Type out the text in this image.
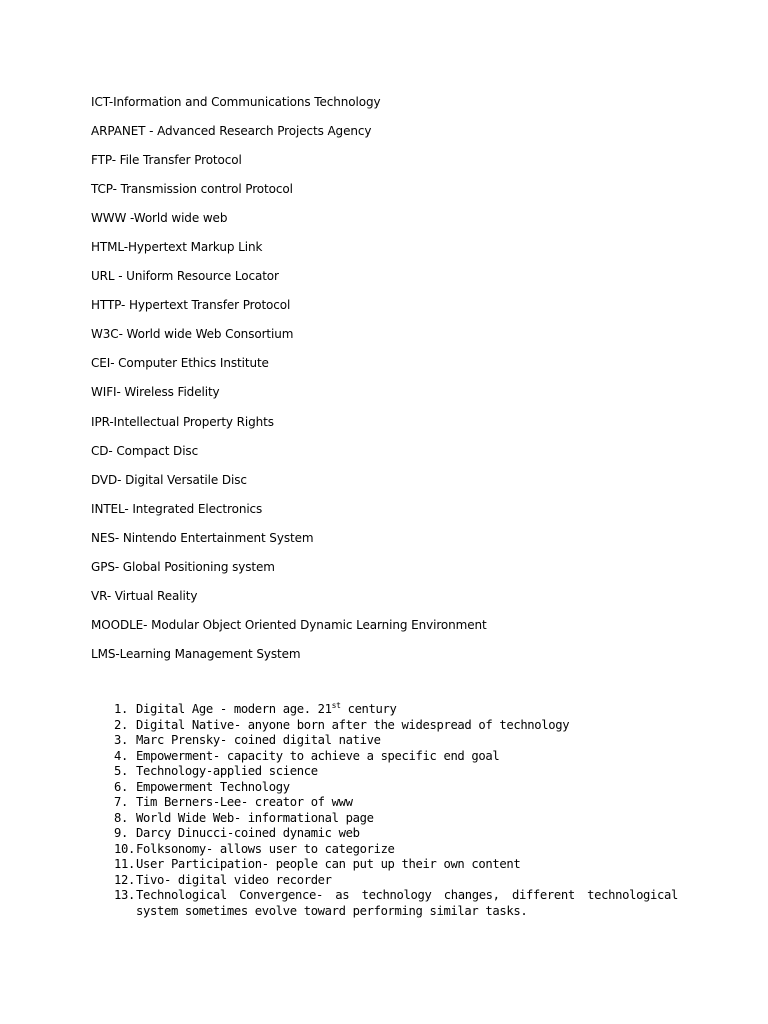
ICT-Information and Communications Technology
ARPANET - Advanced Research Projects Agency
FTP- File Transfer Protocol
TCP- Transmission control Protocol
WWW -World wide web
HTML-Hypertext Markup Link
URL - Uniform Resource Locator
HTTP- Hypertext Transfer Protocol
W3C- World wide Web Consortium
CEI- Computer Ethics Institute
WIFI- Wireless Fidelity
IPR-Intellectual Property Rights
CD- Compact Disc
DVD- Digital Versatile Disc
INTEL- Integrated Electronics
NES- Nintendo Entertainment System
GPS- Global Positioning system
VR- Virtual Reality
MOODLE- Modular Object Oriented Dynamic Learning Environment
LMS-Learning Management System
1. Digital Age - modern age. 21st century
2. Digital Native- anyone born after the widespread of technology
3. Marc Prensky- coined digital native
4. Empowerment- capacity to achieve a specific end goal
5. Technology-applied science
6. Empowerment Technology
7. Tim Berners-Lee- creator of www
8. World Wide Web- informational page
9. Darcy Dinucci-coined dynamic web
10. Folksonomy- allows user to categorize
11. User Participation- people can put up their own content
12. Tivo- digital video recorder
13. Technological Convergence- as technology changes, different technological system sometimes evolve toward performing similar tasks.
